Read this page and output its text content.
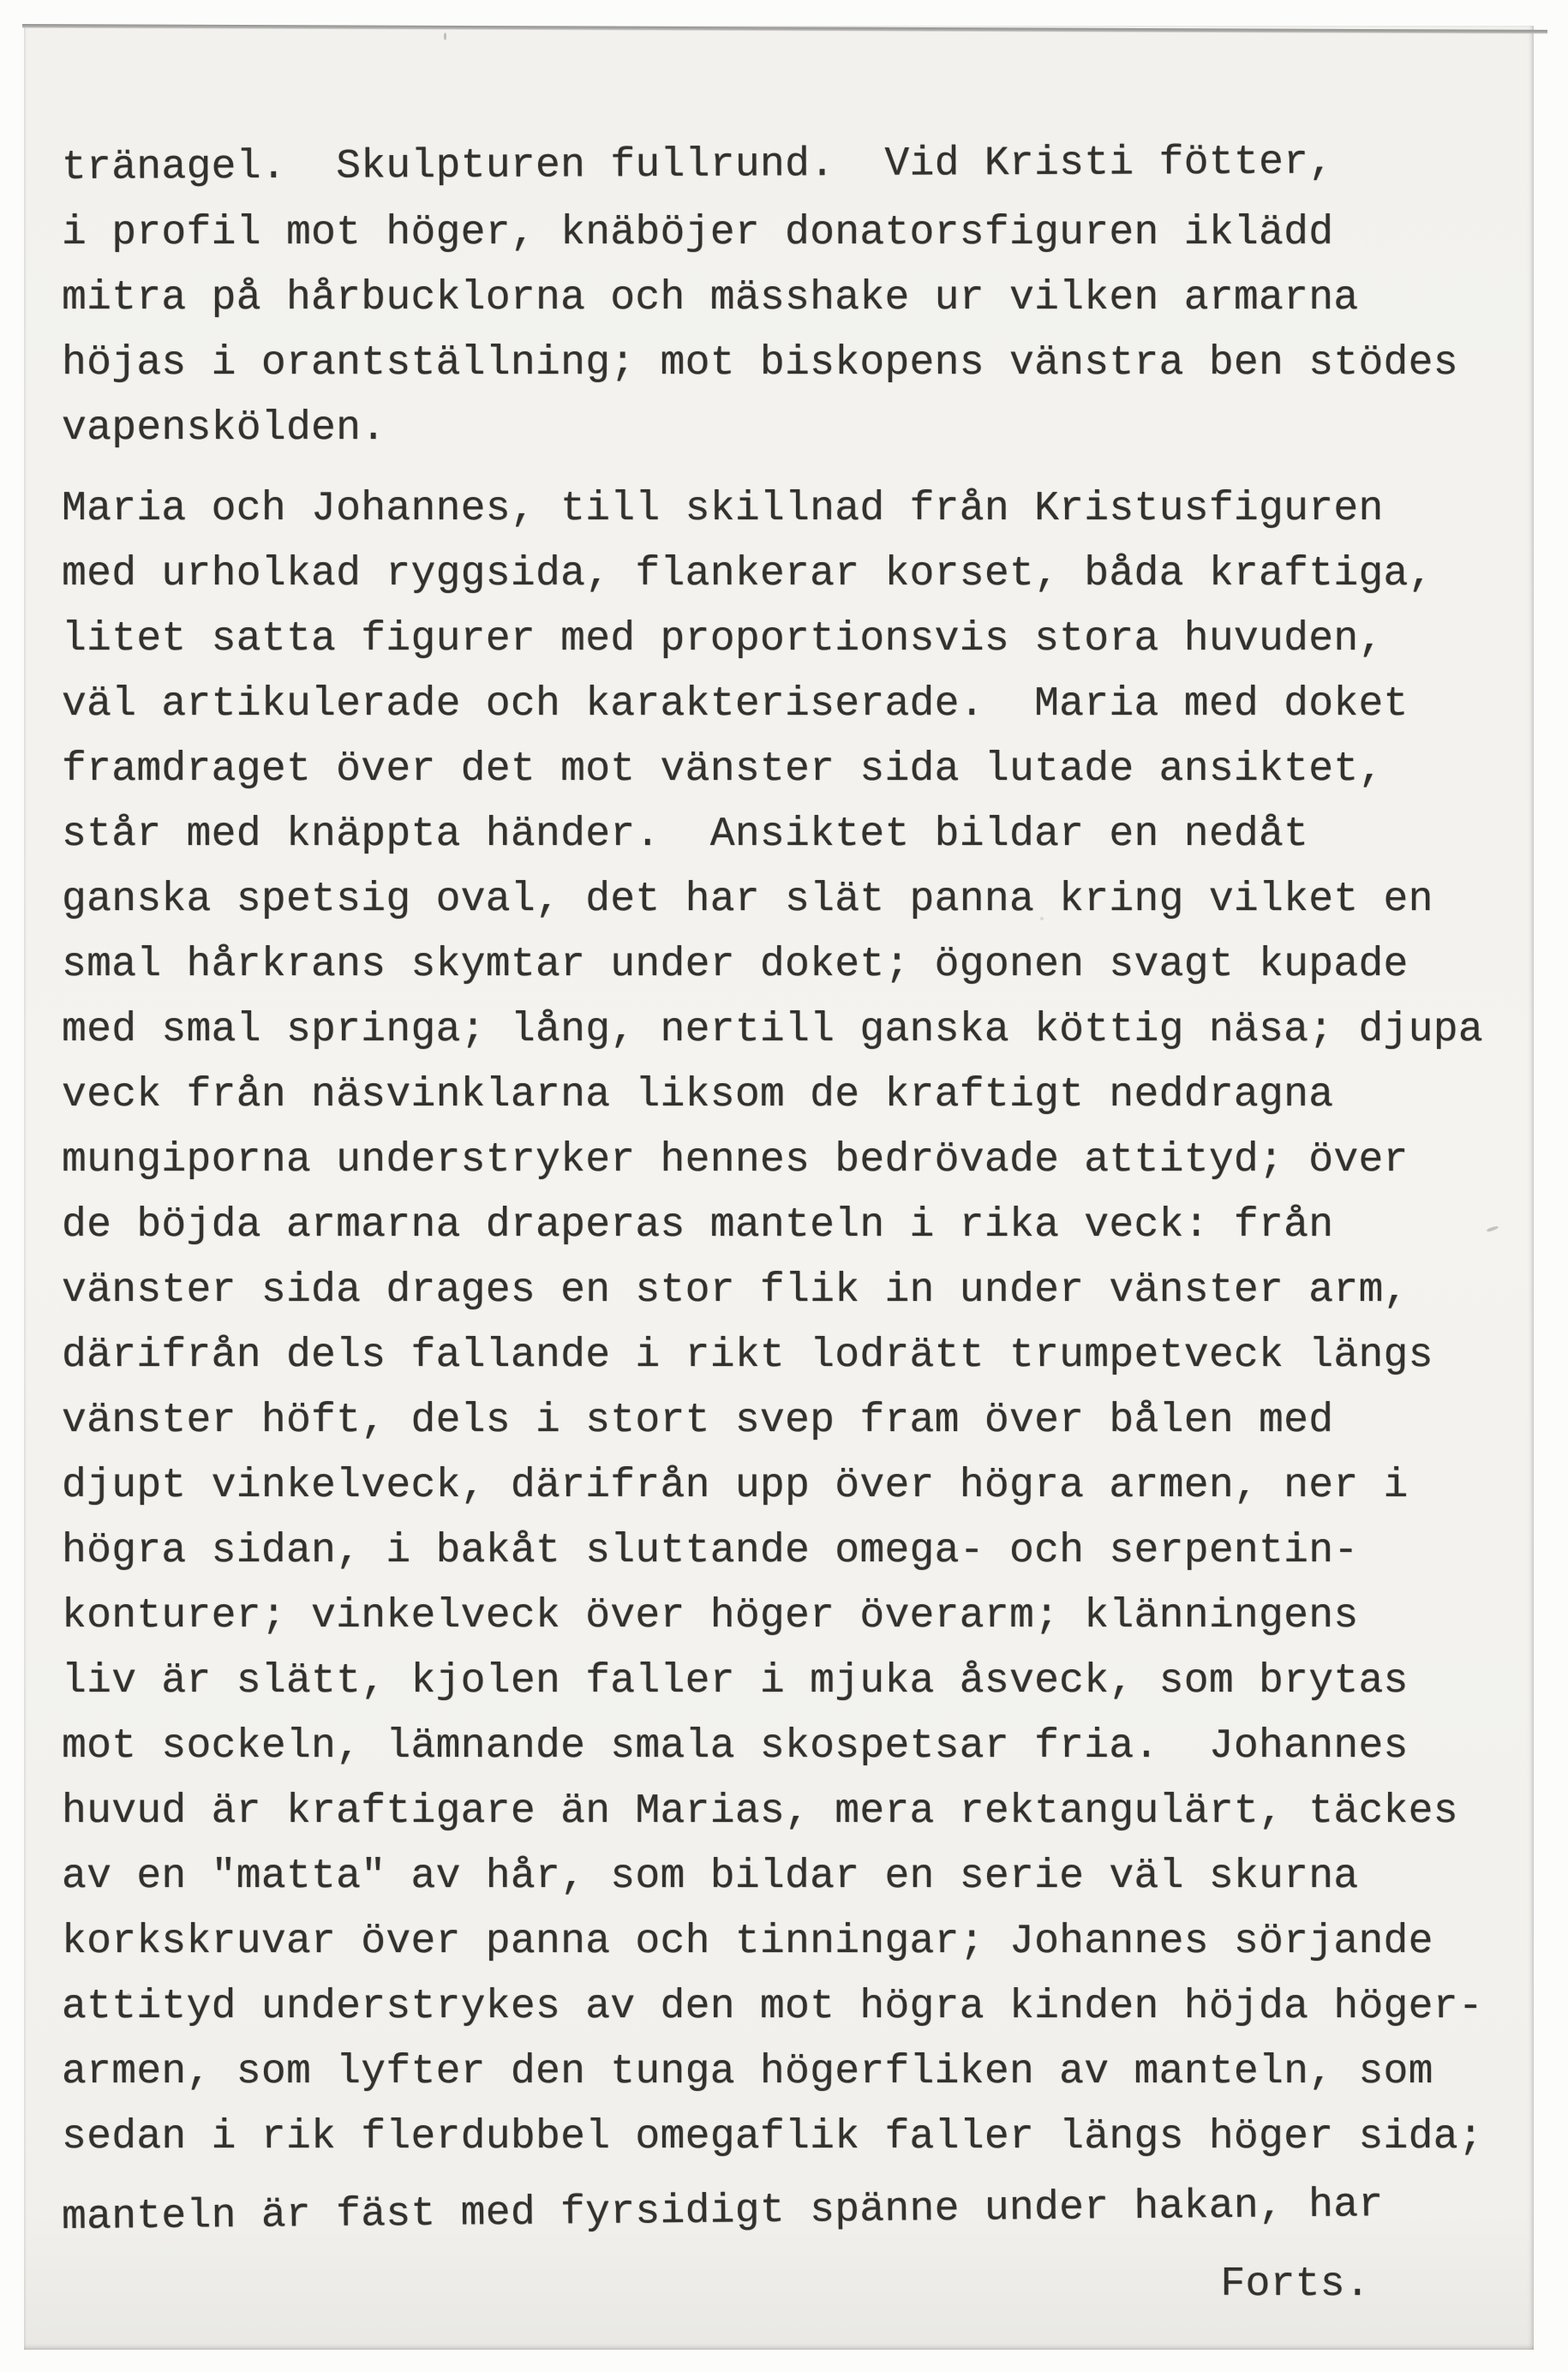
tränagel.  Skulpturen fullrund.  Vid Kristi fötter,
i profil mot höger, knäböjer donatorsfiguren iklädd
mitra på hårbucklorna och mässhake ur vilken armarna
höjas i orantställning; mot biskopens vänstra ben stödes
vapenskölden.
Maria och Johannes, till skillnad från Kristusfiguren
med urholkad ryggsida, flankerar korset, båda kraftiga,
litet satta figurer med proportionsvis stora huvuden,
väl artikulerade och karakteriserade.  Maria med doket
framdraget över det mot vänster sida lutade ansiktet,
står med knäppta händer.  Ansiktet bildar en nedåt
ganska spetsig oval, det har slät panna kring vilket en
smal hårkrans skymtar under doket; ögonen svagt kupade
med smal springa; lång, nertill ganska köttig näsa; djupa
veck från näsvinklarna liksom de kraftigt neddragna
mungiporna understryker hennes bedrövade attityd; över
de böjda armarna draperas manteln i rika veck: från
vänster sida drages en stor flik in under vänster arm,
därifrån dels fallande i rikt lodrätt trumpetveck längs
vänster höft, dels i stort svep fram över bålen med
djupt vinkelveck, därifrån upp över högra armen, ner i
högra sidan, i bakåt sluttande omega- och serpentin-
konturer; vinkelveck över höger överarm; klänningens
liv är slätt, kjolen faller i mjuka åsveck, som brytas
mot sockeln, lämnande smala skospetsar fria.  Johannes
huvud är kraftigare än Marias, mera rektangulärt, täckes
av en "matta" av hår, som bildar en serie väl skurna
korkskruvar över panna och tinningar; Johannes sörjande
attityd understrykes av den mot högra kinden höjda höger-
armen, som lyfter den tunga högerfliken av manteln, som
sedan i rik flerdubbel omegaflik faller längs höger sida;
manteln är fäst med fyrsidigt spänne under hakan, har
Forts.
